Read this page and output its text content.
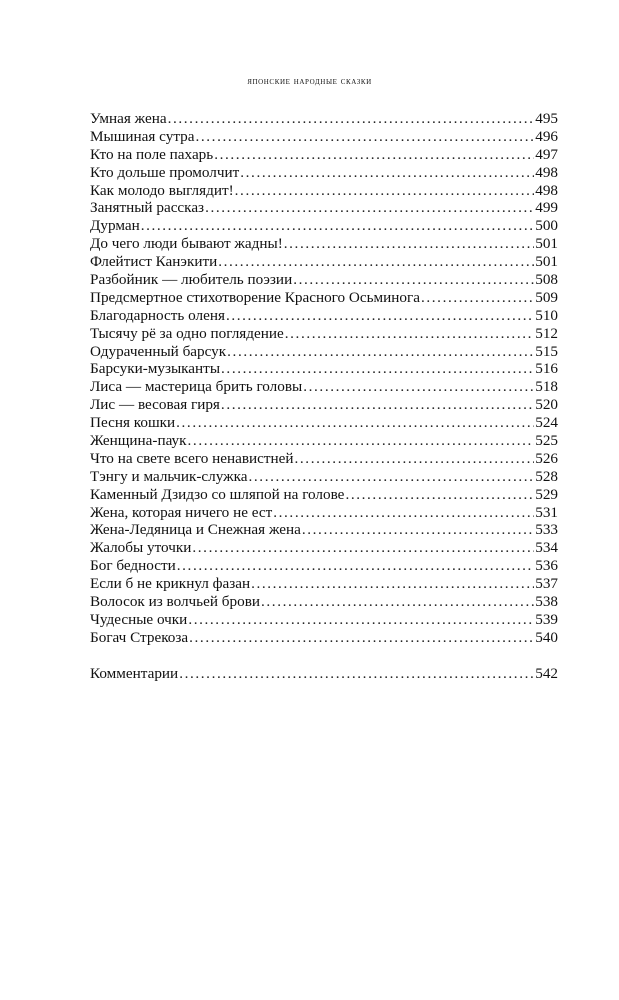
японские народные сказки
Умная жена .....	495
Мышиная сутра .....	496
Кто на поле пахарь .....	497
Кто дольше промолчит .....	498
Как молодо выглядит! .....	498
Занятный рассказ .....	499
Дурман .....	500
До чего люди бывают жадны! .....	501
Флейтист Канэкити .....	501
Разбойник — любитель поэзии .....	508
Предсмертное стихотворение Красного Осьминога .....	509
Благодарность оленя .....	510
Тысячу рё за одно поглядение .....	512
Одураченный барсук .....	515
Барсуки-музыканты .....	516
Лиса — мастерица брить головы .....	518
Лис — весовая гиря .....	520
Песня кошки .....	524
Женщина-паук .....	525
Что на свете всего ненавистней .....	526
Тэнгу и мальчик-служка .....	528
Каменный Дзидзо со шляпой на голове .....	529
Жена, которая ничего не ест .....	531
Жена-Ледяница и Снежная жена .....	533
Жалобы уточки .....	534
Бог бедности .....	536
Если б не крикнул фазан .....	537
Волосок из волчьей брови .....	538
Чудесные очки .....	539
Богач Стрекоза .....	540
Комментарии .....	542
